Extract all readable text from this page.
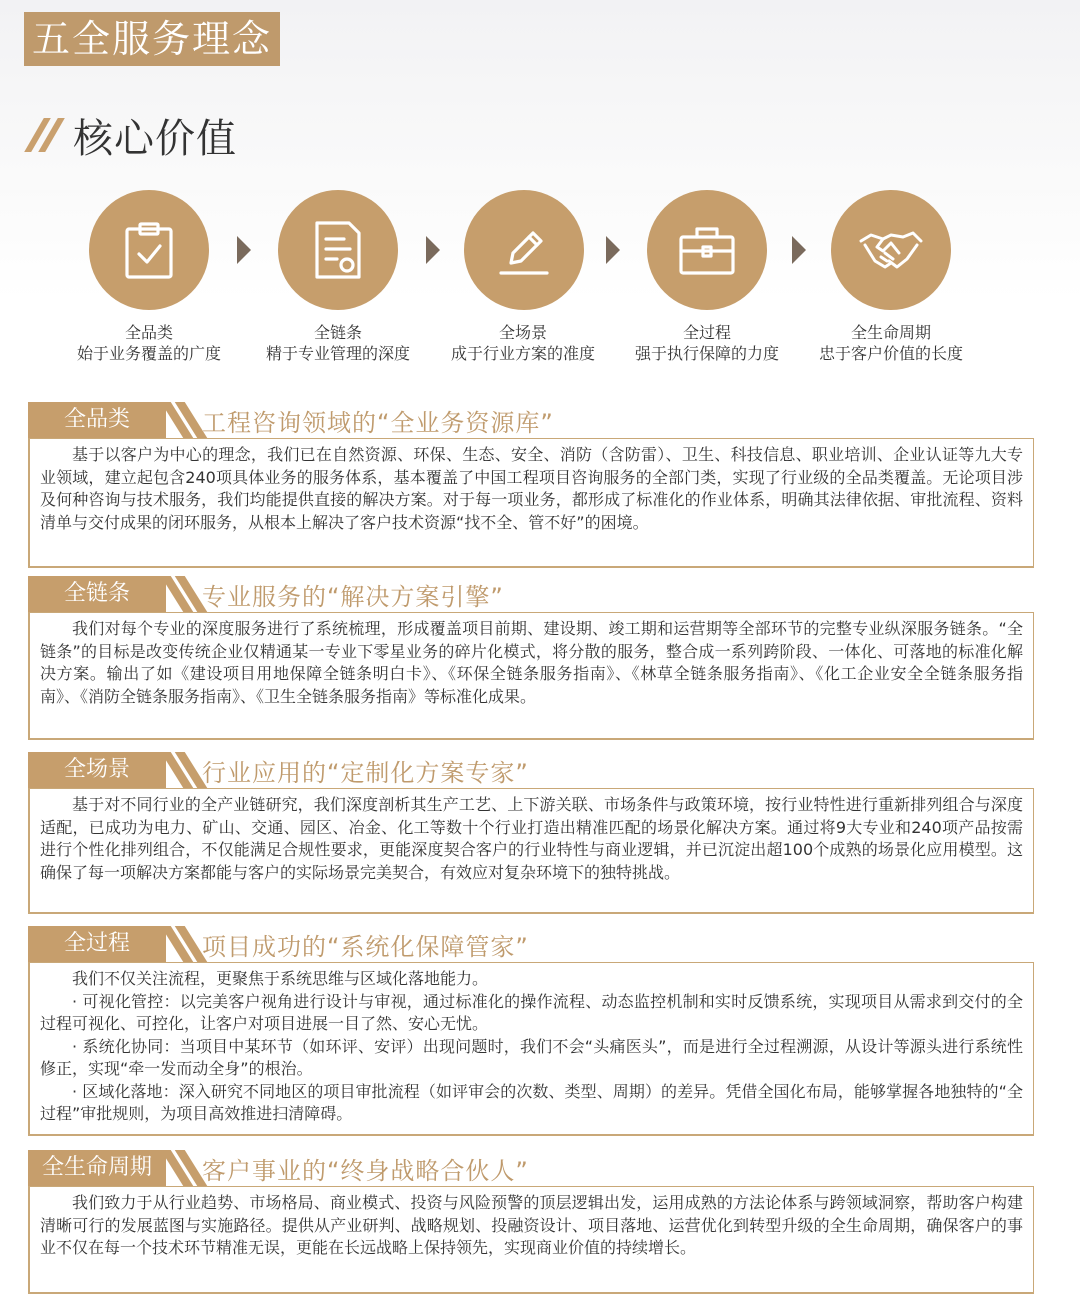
五全服务理念
核心价值
全品类
始于业务覆盖的广度
全链条
精于专业管理的深度
全场景
成于行业方案的准度
全过程
强于执行保障的力度
全生命周期
忠于客户价值的长度
全品类	工程咨询领域的“全业务资源库”

基于以客户为中心的理念，我们已在自然资源、环保、生态、安全、消防（含防雷）、卫生、科技信息、职业培训、企业认证等九大专业领域，建立起包含240项具体业务的服务体系，基本覆盖了中国工程项目咨询服务的全部门类，实现了行业级的全品类覆盖。无论项目涉及何种咨询与技术服务，我们均能提供直接的解决方案。对于每一项业务，都形成了标准化的作业体系，明确其法律依据、审批流程、资料清单与交付成果的闭环服务，从根本上解决了客户技术资源“找不全、管不好”的困境。

全链条	专业服务的“解决方案引擎”

我们对每个专业的深度服务进行了系统梳理，形成覆盖项目前期、建设期、竣工期和运营期等全部环节的完整专业纵深服务链条。“全链条”的目标是改变传统企业仅精通某一专业下零星业务的碎片化模式，将分散的服务，整合成一系列跨阶段、一体化、可落地的标准化解决方案。输出了如《建设项目用地保障全链条明白卡》、《环保全链条服务指南》、《林草全链条服务指南》、《化工企业安全全链条服务指南》、《消防全链条服务指南》、《卫生全链条服务指南》等标准化成果。

全场景	行业应用的“定制化方案专家”

基于对不同行业的全产业链研究，我们深度剖析其生产工艺、上下游关联、市场条件与政策环境，按行业特性进行重新排列组合与深度适配，已成功为电力、矿山、交通、园区、冶金、化工等数十个行业打造出精准匹配的场景化解决方案。通过将9大专业和240项产品按需进行个性化排列组合，不仅能满足合规性要求，更能深度契合客户的行业特性与商业逻辑，并已沉淀出超100个成熟的场景化应用模型。这确保了每一项解决方案都能与客户的实际场景完美契合，有效应对复杂环境下的独特挑战。

全过程	项目成功的“系统化保障管家”

我们不仅关注流程，更聚焦于系统思维与区域化落地能力。

· 可视化管控：以完美客户视角进行设计与审视，通过标准化的操作流程、动态监控机制和实时反馈系统，实现项目从需求到交付的全过程可视化、可控化，让客户对项目进展一目了然、安心无忧。

· 系统化协同：当项目中某环节（如环评、安评）出现问题时，我们不会“头痛医头”，而是进行全过程溯源，从设计等源头进行系统性修正，实现“牵一发而动全身”的根治。

· 区域化落地：深入研究不同地区的项目审批流程（如评审会的次数、类型、周期）的差异。凭借全国化布局，能够掌握各地独特的“全过程”审批规则，为项目高效推进扫清障碍。

全生命周期	客户事业的“终身战略合伙人”

我们致力于从行业趋势、市场格局、商业模式、投资与风险预警的顶层逻辑出发，运用成熟的方法论体系与跨领域洞察，帮助客户构建清晰可行的发展蓝图与实施路径。提供从产业研判、战略规划、投融资设计、项目落地、运营优化到转型升级的全生命周期，确保客户的事业不仅在每一个技术环节精准无误，更能在长远战略上保持领先，实现商业价值的持续增长。
